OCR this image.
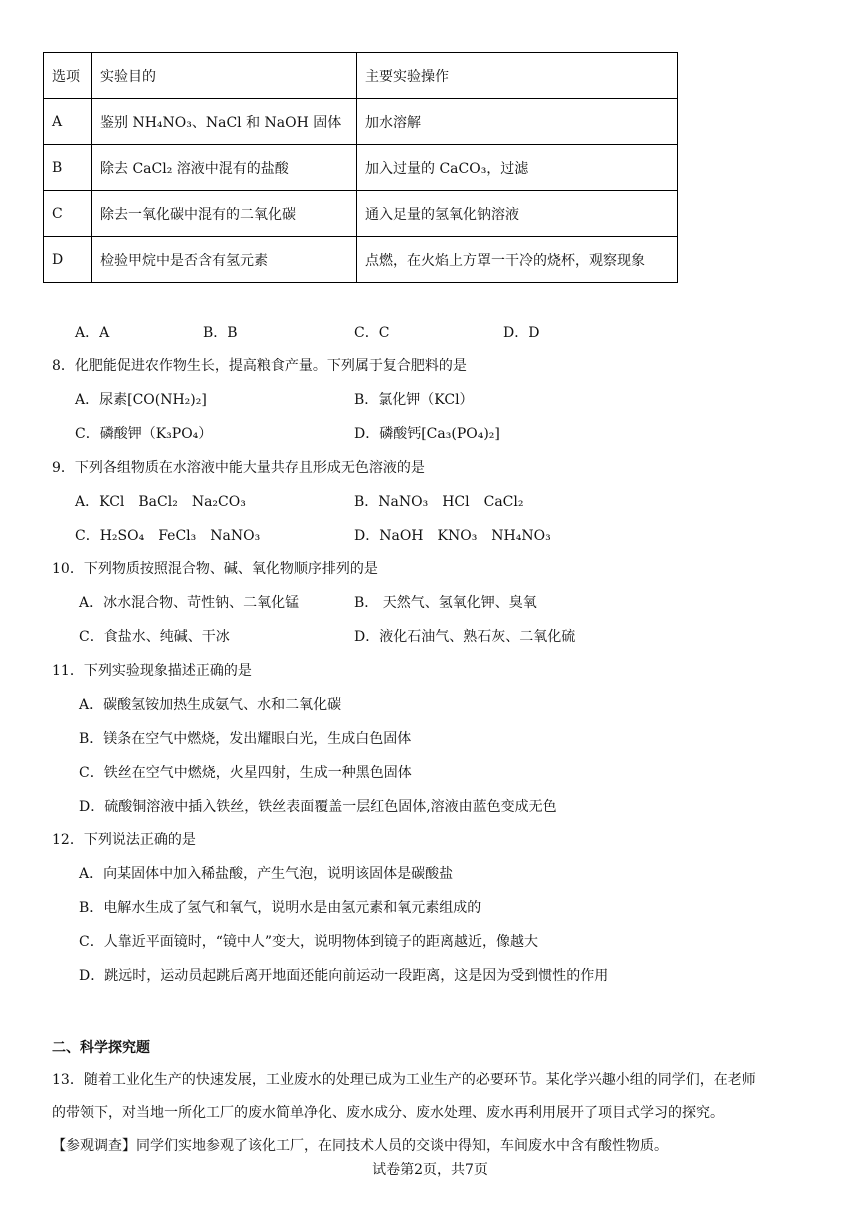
选项	实验目的	主要实验操作
A	鉴别 NH₄NO₃、NaCl 和 NaOH 固体	加水溶解
B	除去 CaCl₂ 溶液中混有的盐酸	加入过量的 CaCO₃，过滤
C	除去一氧化碳中混有的二氧化碳	通入足量的氢氧化钠溶液
D	检验甲烷中是否含有氢元素	点燃，在火焰上方罩一干冷的烧杯，观察现象
A．A	B．B	C．C	D．D
8．化肥能促进农作物生长，提高粮食产量。下列属于复合肥料的是
A．尿素[CO(NH₂)₂]	B．氯化钾（KCl）
C．磷酸钾（K₃PO₄）	D．磷酸钙[Ca₃(PO₄)₂]
9．下列各组物质在水溶液中能大量共存且形成无色溶液的是
A．KCl　BaCl₂　Na₂CO₃	B．NaNO₃　HCl　CaCl₂
C．H₂SO₄　FeCl₃　NaNO₃	D．NaOH　KNO₃　NH₄NO₃
10．下列物质按照混合物、碱、氧化物顺序排列的是
A．冰水混合物、苛性钠、二氧化锰	B． 天然气、氢氧化钾、臭氧
C．食盐水、纯碱、干冰	D．液化石油气、熟石灰、二氧化硫
11．下列实验现象描述正确的是
A．碳酸氢铵加热生成氨气、水和二氧化碳
B．镁条在空气中燃烧，发出耀眼白光，生成白色固体
C．铁丝在空气中燃烧，火星四射，生成一种黑色固体
D．硫酸铜溶液中插入铁丝，铁丝表面覆盖一层红色固体,溶液由蓝色变成无色
12．下列说法正确的是
A．向某固体中加入稀盐酸，产生气泡，说明该固体是碳酸盐
B．电解水生成了氢气和氧气，说明水是由氢元素和氧元素组成的
C．人靠近平面镜时，“镜中人”变大，说明物体到镜子的距离越近，像越大
D．跳远时，运动员起跳后离开地面还能向前运动一段距离，这是因为受到惯性的作用
二、科学探究题
13．随着工业化生产的快速发展，工业废水的处理已成为工业生产的必要环节。某化学兴趣小组的同学们，在老师
的带领下，对当地一所化工厂的废水简单净化、废水成分、废水处理、废水再利用展开了项目式学习的探究。
【参观调查】同学们实地参观了该化工厂，在同技术人员的交谈中得知，车间废水中含有酸性物质。
试卷第2页，共7页
